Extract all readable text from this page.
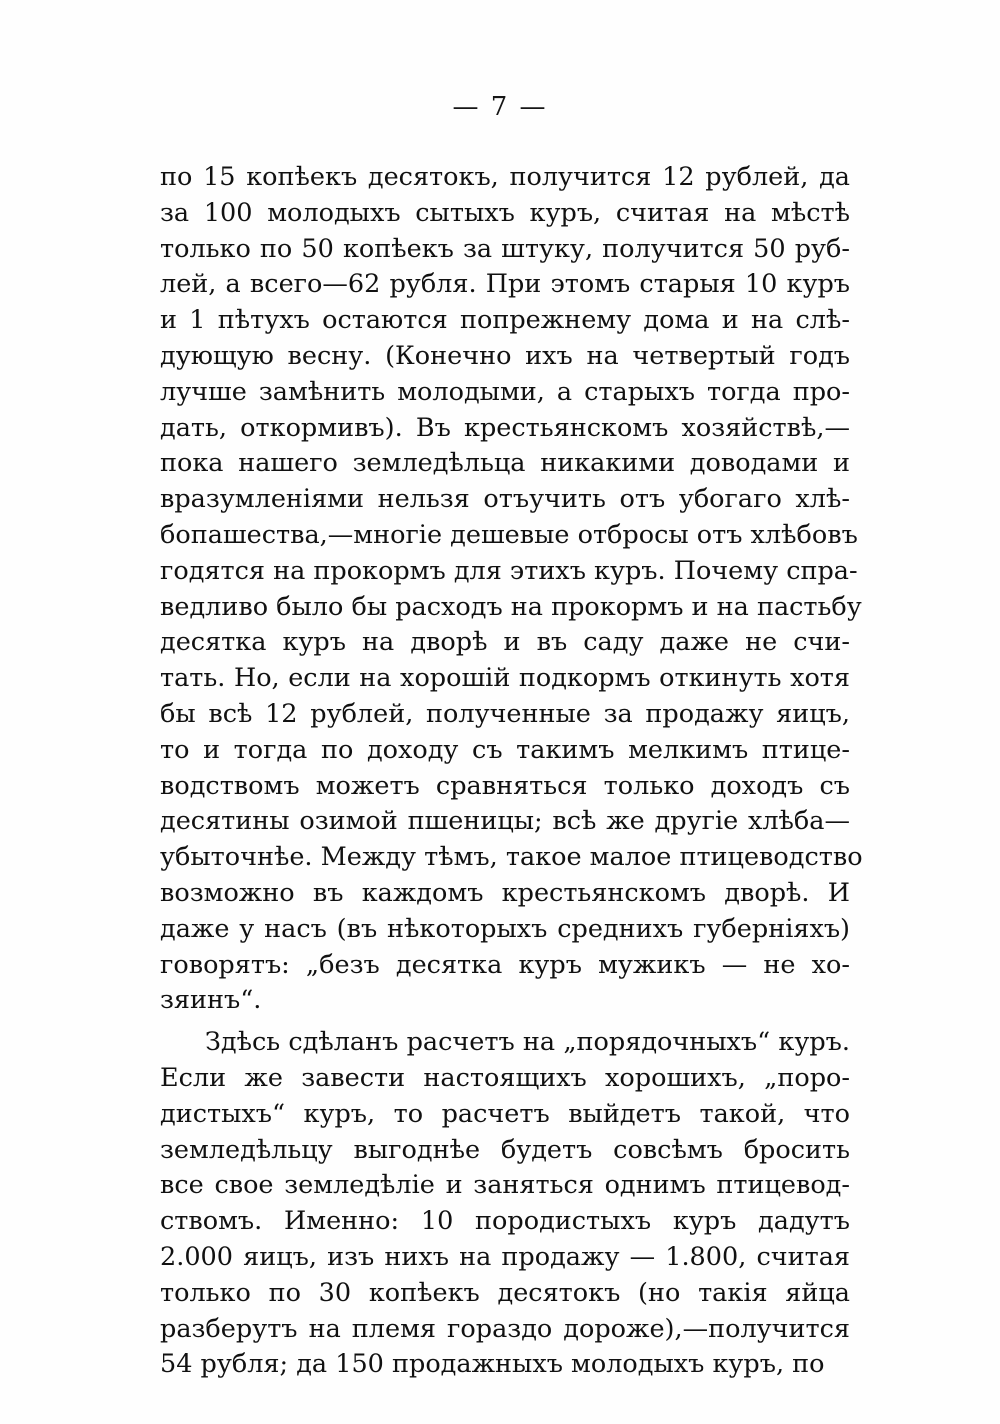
— 7 —
по 15 копѣекъ десятокъ, получится 12 рублей, да
за 100 молодыхъ сытыхъ куръ, считая на мѣстѣ
только по 50 копѣекъ за штуку, получится 50 руб-
лей, а всего—62 рубля. При этомъ старыя 10 куръ
и 1 пѣтухъ остаются попрежнему дома и на слѣ-
дующую весну. (Конечно ихъ на четвертый годъ
лучше замѣнить молодыми, а старыхъ тогда про-
дать, откормивъ). Въ крестьянскомъ хозяйствѣ,—
пока нашего земледѣльца никакими доводами и
вразумленіями нельзя отъучить отъ убогаго хлѣ-
бопашества,—многіе дешевые отбросы отъ хлѣбовъ
годятся на прокормъ для этихъ куръ. Почему спра-
ведливо было бы расходъ на прокормъ и на пастьбу
десятка куръ на дворѣ и въ саду даже не счи-
тать. Но, если на хорошій подкормъ откинуть хотя
бы всѣ 12 рублей, полученные за продажу яицъ,
то и тогда по доходу съ такимъ мелкимъ птице-
водствомъ можетъ сравняться только доходъ съ
десятины озимой пшеницы; всѣ же другіе хлѣба—
убыточнѣе. Между тѣмъ, такое малое птицеводство
возможно въ каждомъ крестьянскомъ дворѣ. И
даже у насъ (въ нѣкоторыхъ среднихъ губерніяхъ)
говорятъ: „безъ десятка куръ мужикъ — не хо-
зяинъ“.
Здѣсь сдѣланъ расчетъ на „порядочныхъ“ куръ.
Если же завести настоящихъ хорошихъ, „поро-
дистыхъ“ куръ, то расчетъ выйдетъ такой, что
земледѣльцу выгоднѣе будетъ совсѣмъ бросить
все свое земледѣліе и заняться однимъ птицевод-
ствомъ. Именно: 10 породистыхъ куръ дадутъ
2.000 яицъ, изъ нихъ на продажу — 1.800, считая
только по 30 копѣекъ десятокъ (но такія яйца
разберутъ на племя гораздо дороже),—получится
54 рубля; да 150 продажныхъ молодыхъ куръ, по
